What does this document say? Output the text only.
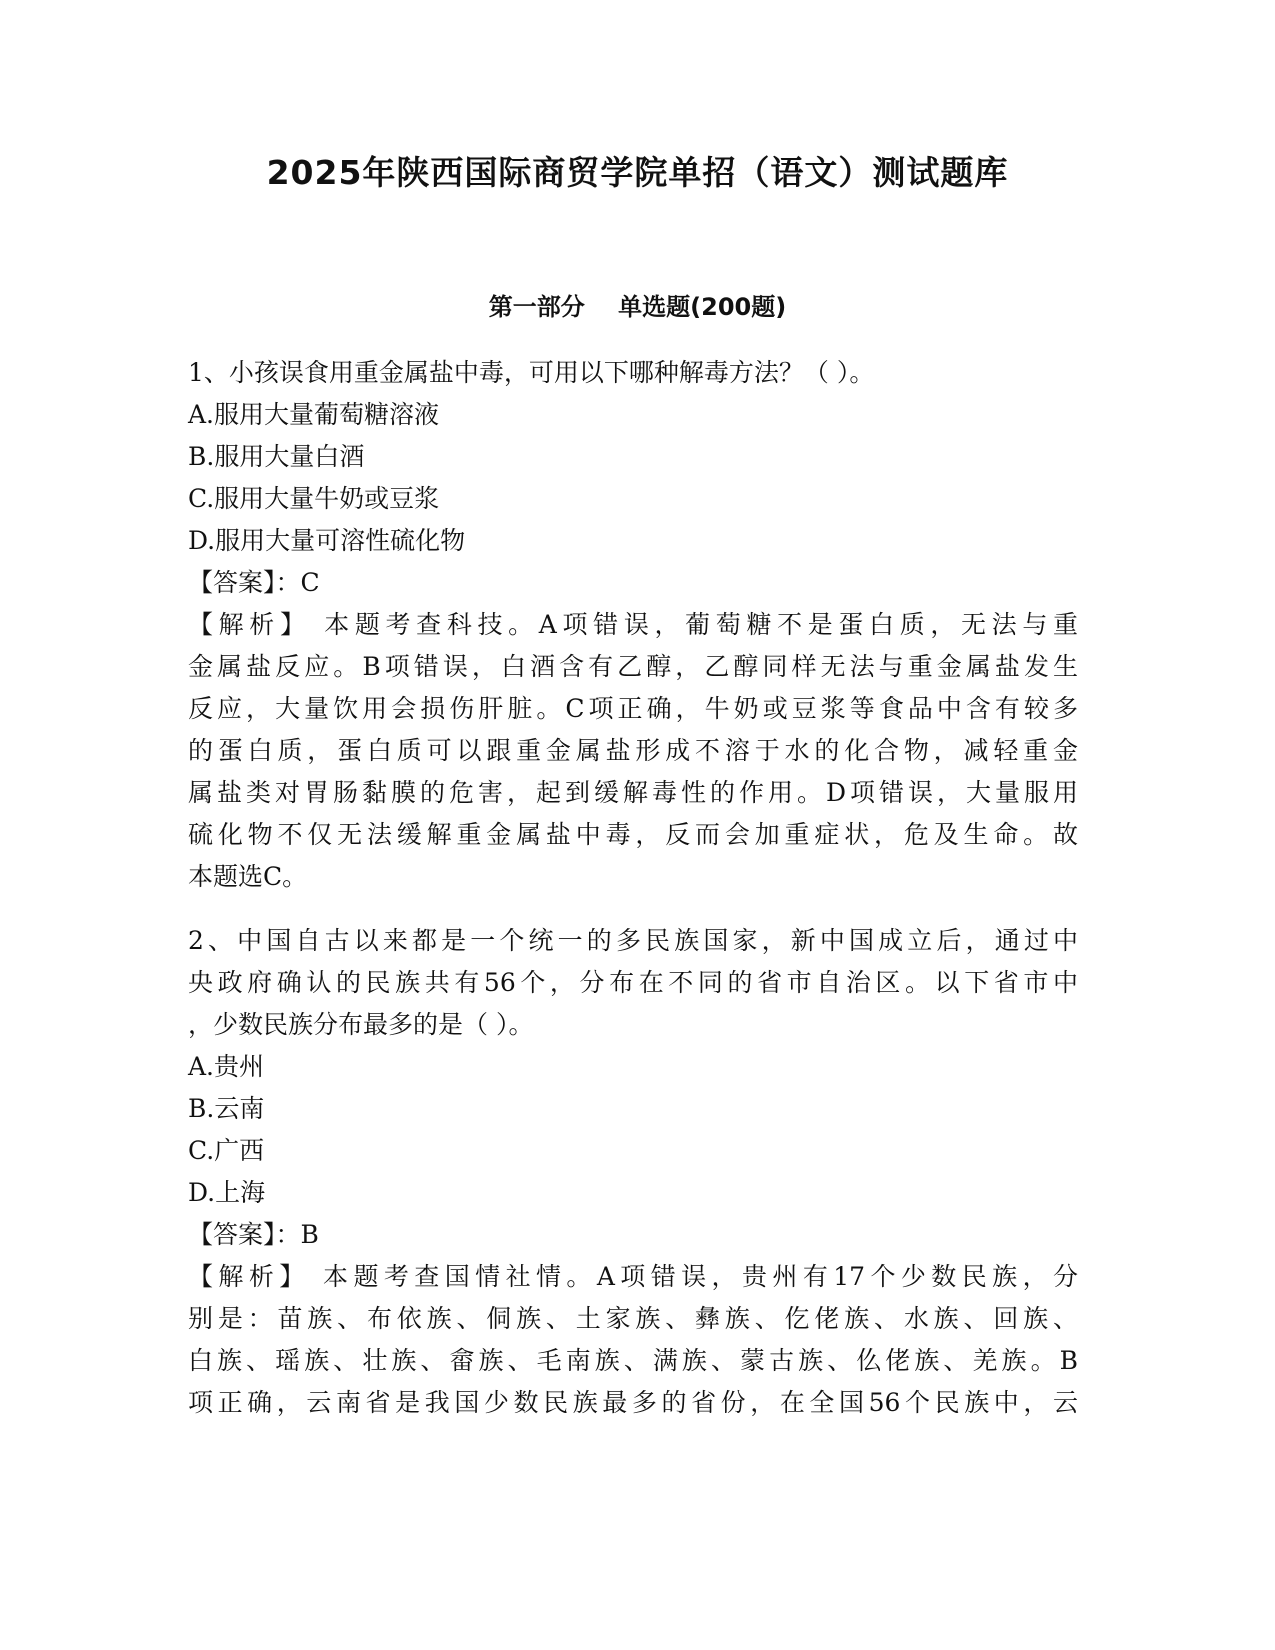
2025年陕西国际商贸学院单招（语文）测试题库
第一部分    单选题(200题)
1、小孩误食用重金属盐中毒，可用以下哪种解毒方法？（ ）。
A.服用大量葡萄糖溶液
B.服用大量白酒
C.服用大量牛奶或豆浆
D.服用大量可溶性硫化物
【答案】：C
【解析】 本题考查科技。A项错误，葡萄糖不是蛋白质，无法与重
金属盐反应。B项错误，白酒含有乙醇，乙醇同样无法与重金属盐发生
反应，大量饮用会损伤肝脏。C项正确，牛奶或豆浆等食品中含有较多
的蛋白质，蛋白质可以跟重金属盐形成不溶于水的化合物，减轻重金
属盐类对胃肠黏膜的危害，起到缓解毒性的作用。D项错误，大量服用
硫化物不仅无法缓解重金属盐中毒，反而会加重症状，危及生命。故
本题选C。
2、中国自古以来都是一个统一的多民族国家，新中国成立后，通过中
央政府确认的民族共有56个，分布在不同的省市自治区。以下省市中
，少数民族分布最多的是（ ）。
A.贵州
B.云南
C.广西
D.上海
【答案】：B
【解析】 本题考查国情社情。A项错误，贵州有17个少数民族，分
别是：苗族、布依族、侗族、土家族、彝族、仡佬族、水族、回族、
白族、瑶族、壮族、畲族、毛南族、满族、蒙古族、仫佬族、羌族。B
项正确，云南省是我国少数民族最多的省份，在全国56个民族中，云
